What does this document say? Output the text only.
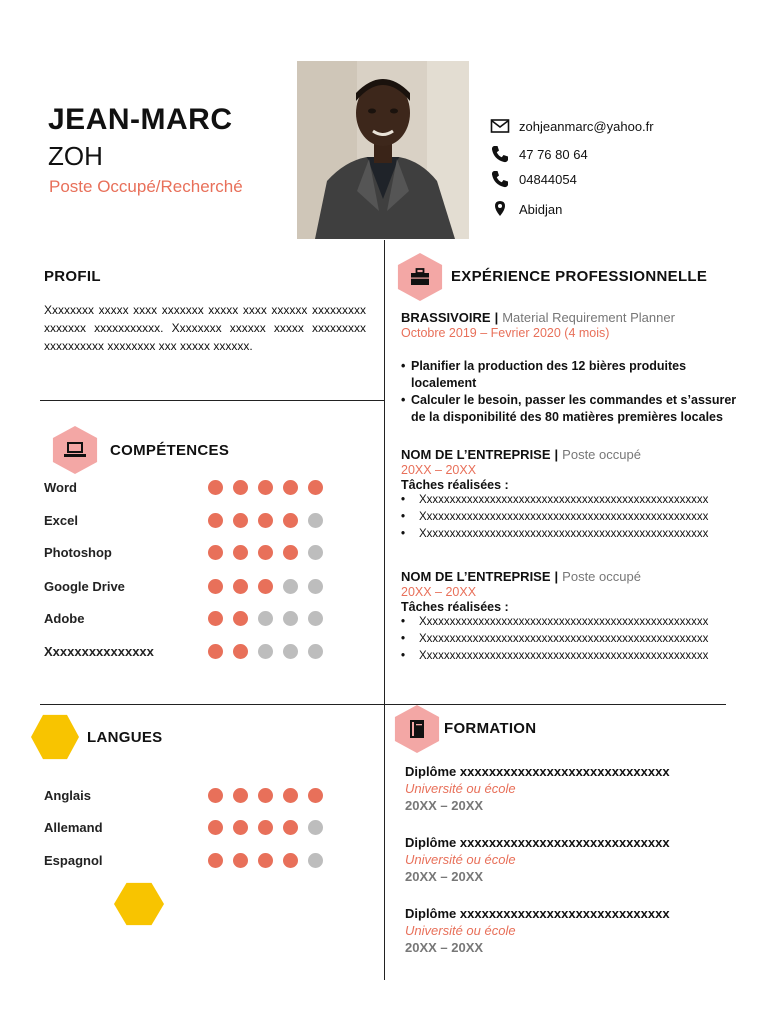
JEAN-MARC
ZOH
Poste Occupé/Recherché
zohjeanmarc@yahoo.fr
47 76 80 64
04844054
Abidjan
PROFIL
Xxxxxxxx xxxxx xxxx xxxxxxx xxxxx xxxx xxxxxx xxxxxxxxx xxxxxxx xxxxxxxxxxx. Xxxxxxxx xxxxxx xxxxx xxxxxxxxx xxxxxxxxxx xxxxxxxx xxx xxxxx xxxxxx.
COMPÉTENCES
Word
Excel
Photoshop
Google Drive
Adobe
Xxxxxxxxxxxxxxx
LANGUES
Anglais
Allemand
Espagnol
EXPÉRIENCE PROFESSIONNELLE
BRASSIVOIRE | Material Requirement Planner
Octobre 2019 – Fevrier 2020 (4 mois)
• Planifier la production des 12 bières produites localement
• Calculer le besoin, passer les commandes et s’assurer de la disponibilité des 80 matières premières locales
NOM DE L’ENTREPRISE | Poste occupé
20XX – 20XX
Tâches réalisées :
• Xxxxxxxxxxxxxxxxxxxxxxxxxxxxxxxxxxxxxxxxxxxxxxxxxx
• Xxxxxxxxxxxxxxxxxxxxxxxxxxxxxxxxxxxxxxxxxxxxxxxxxx
• Xxxxxxxxxxxxxxxxxxxxxxxxxxxxxxxxxxxxxxxxxxxxxxxxxx
NOM DE L’ENTREPRISE | Poste occupé
20XX – 20XX
Tâches réalisées :
• Xxxxxxxxxxxxxxxxxxxxxxxxxxxxxxxxxxxxxxxxxxxxxxxxxx
• Xxxxxxxxxxxxxxxxxxxxxxxxxxxxxxxxxxxxxxxxxxxxxxxxxx
• Xxxxxxxxxxxxxxxxxxxxxxxxxxxxxxxxxxxxxxxxxxxxxxxxxx
FORMATION
Diplôme xxxxxxxxxxxxxxxxxxxxxxxxxxxxx
Université ou école
20XX – 20XX
Diplôme xxxxxxxxxxxxxxxxxxxxxxxxxxxxx
Université ou école
20XX – 20XX
Diplôme xxxxxxxxxxxxxxxxxxxxxxxxxxxxx
Université ou école
20XX – 20XX
